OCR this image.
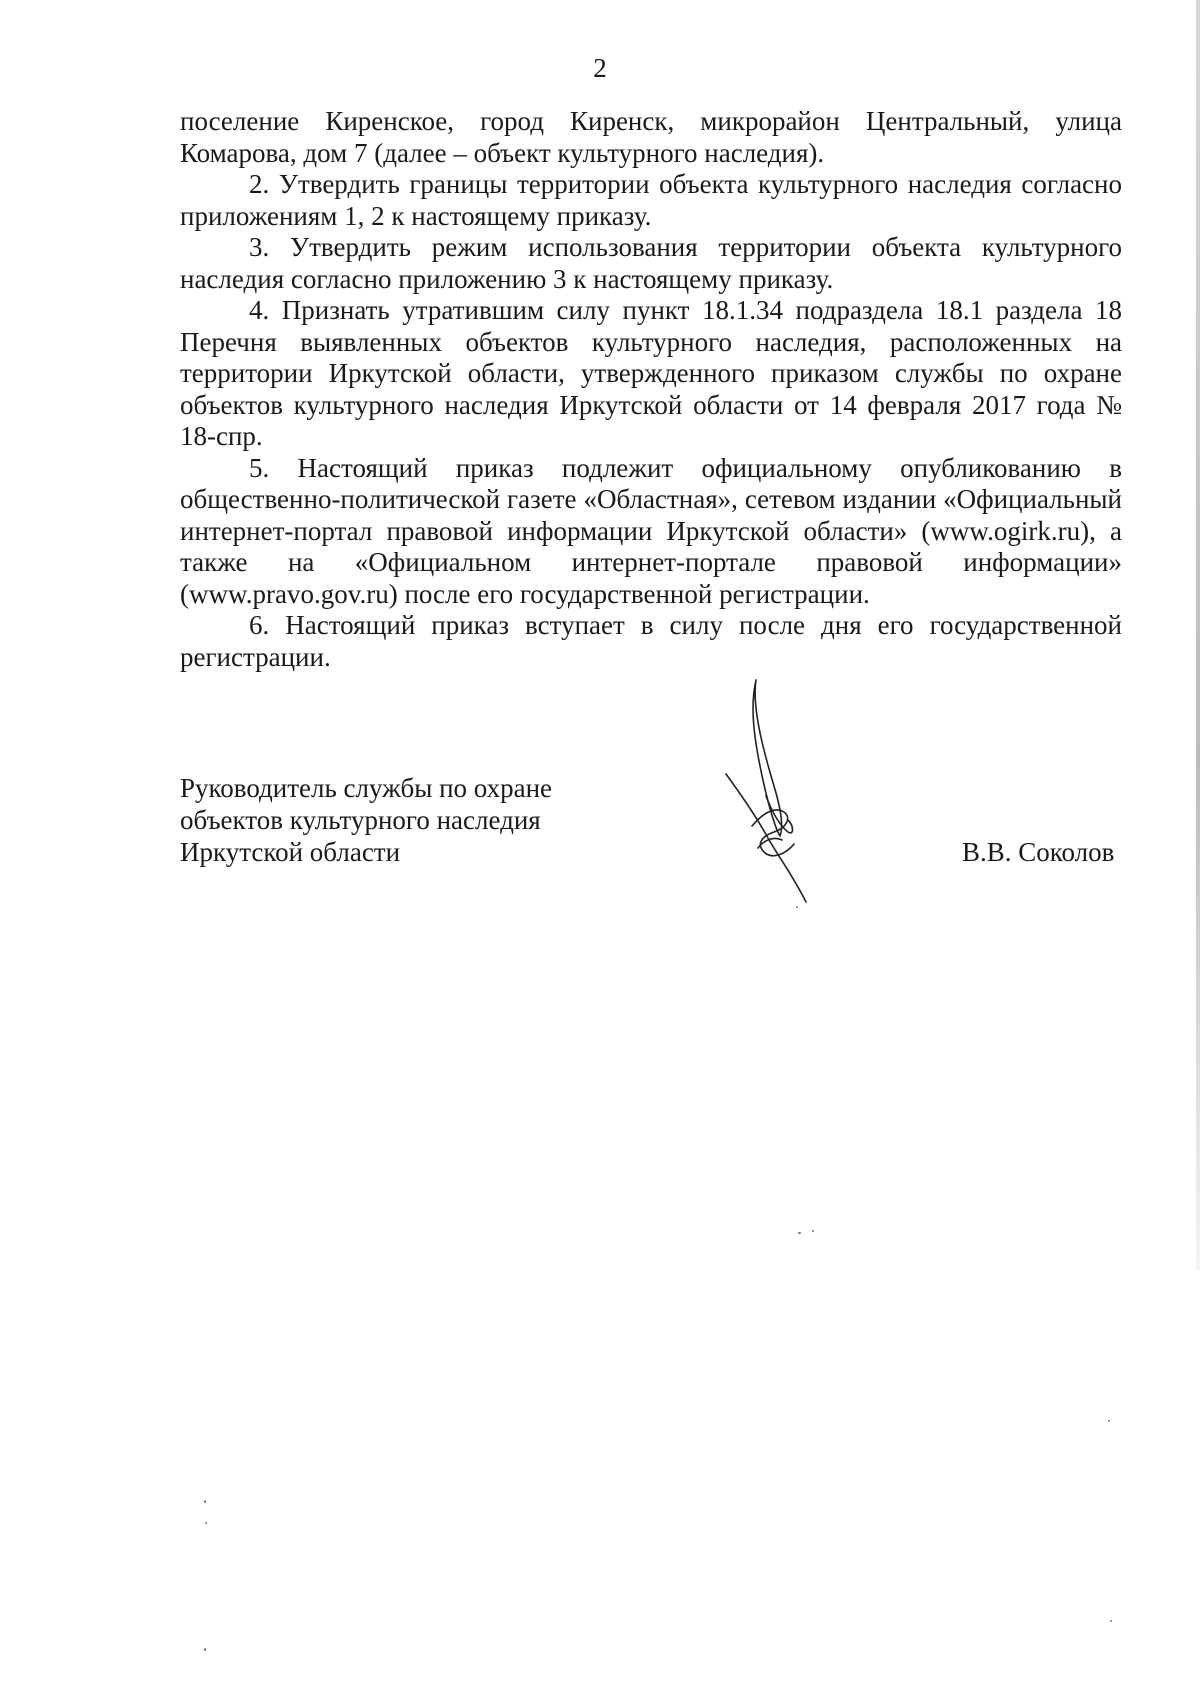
2

поселение Киренское, город Киренск, микрорайон Центральный, улица Комарова, дом 7 (далее – объект культурного наследия).

2. Утвердить границы территории объекта культурного наследия согласно приложениям 1, 2 к настоящему приказу.

3. Утвердить режим использования территории объекта культурного наследия согласно приложению 3 к настоящему приказу.

4. Признать утратившим силу пункт 18.1.34 подраздела 18.1 раздела 18 Перечня выявленных объектов культурного наследия, расположенных на территории Иркутской области, утвержденного приказом службы по охране объектов культурного наследия Иркутской области от 14 февраля 2017 года № 18-спр.

5. Настоящий приказ подлежит официальному опубликованию в общественно-политической газете «Областная», сетевом издании «Официальный интернет-портал правовой информации Иркутской области» (www.ogirk.ru), а также на «Официальном интернет-портале правовой информации» (www.pravo.gov.ru) после его государственной регистрации.

6. Настоящий приказ вступает в силу после дня его государственной регистрации.

Руководитель службы по охране
объектов культурного наследия
Иркутской области	В.В. Соколов
